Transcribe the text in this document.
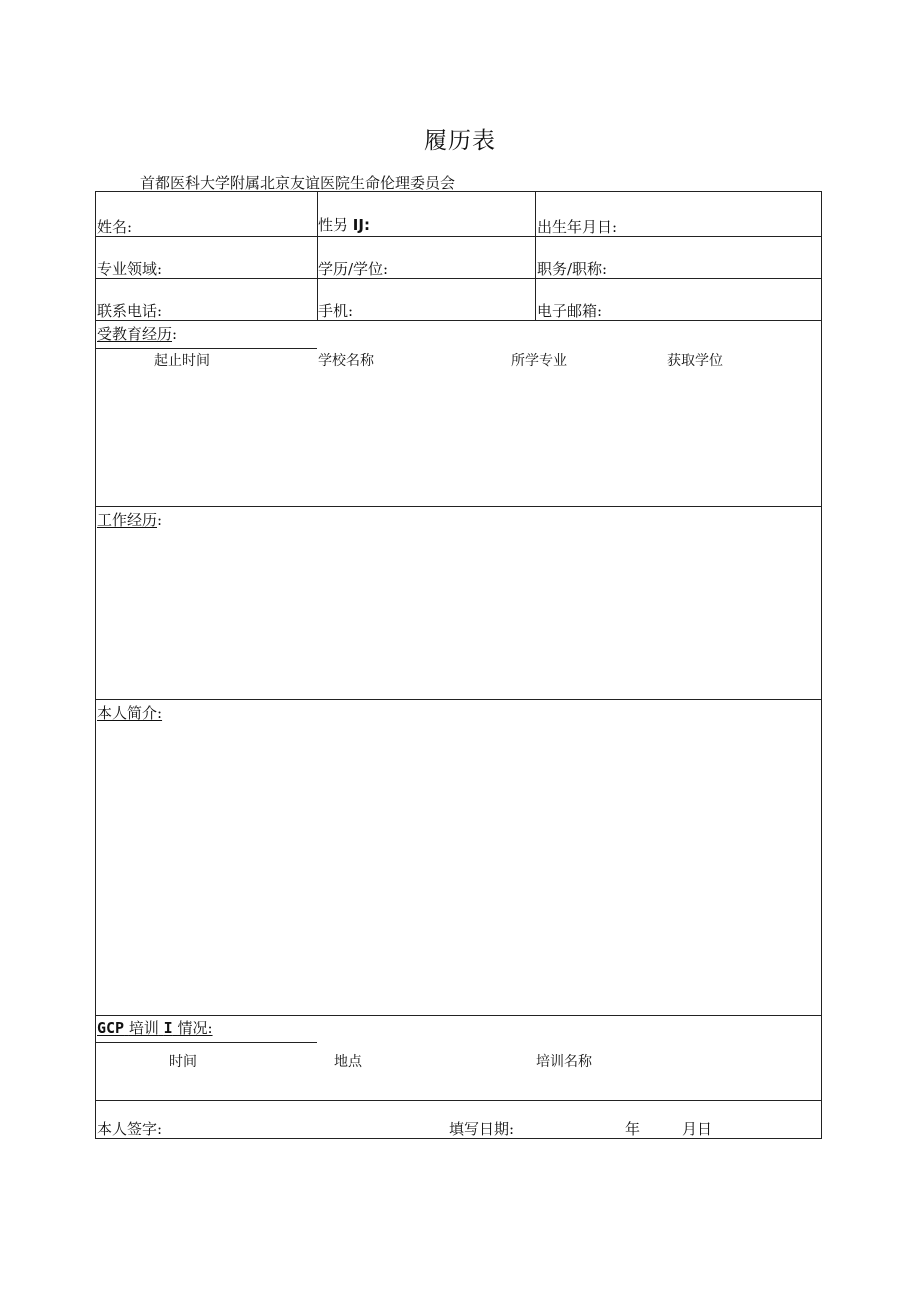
履历表
首都医科大学附属北京友谊医院生命伦理委员会
姓名:	性另 IJ:	出生年月日:
专业领域:	学历/学位:	职务/职称:
联系电话:	手机:	电子邮箱:
受教育经历:
起止时间	学校名称	所学专业	获取学位
工作经历:
本人简介:
GCP 培训 I 情况:
时间	地点	培训名称
本人签字:	填写日期:	年	月日
